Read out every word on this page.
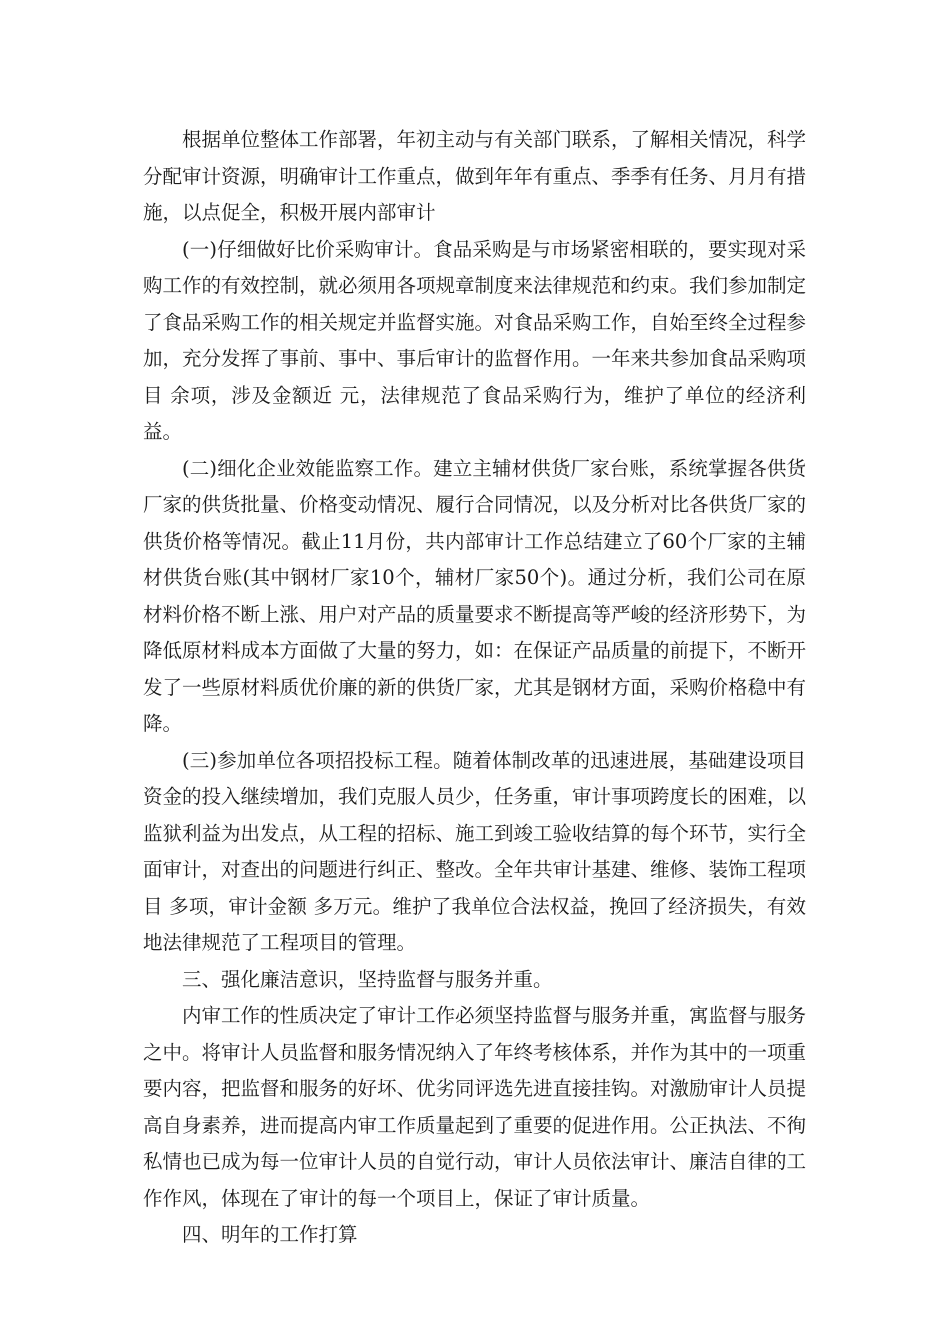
根据单位整体工作部署，年初主动与有关部门联系，了解相关情况，科学分配审计资源，明确审计工作重点，做到年年有重点、季季有任务、月月有措施，以点促全，积极开展内部审计

(一)仔细做好比价采购审计。食品采购是与市场紧密相联的，要实现对采购工作的有效控制，就必须用各项规章制度来法律规范和约束。我们参加制定了食品采购工作的相关规定并监督实施。对食品采购工作，自始至终全过程参加，充分发挥了事前、事中、事后审计的监督作用。一年来共参加食品采购项目 余项，涉及金额近 元，法律规范了食品采购行为，维护了单位的经济利益。

(二)细化企业效能监察工作。建立主辅材供货厂家台账，系统掌握各供货厂家的供货批量、价格变动情况、履行合同情况，以及分析对比各供货厂家的供货价格等情况。截止11月份，共内部审计工作总结建立了60个厂家的主辅材供货台账(其中钢材厂家10个，辅材厂家50个)。通过分析，我们公司在原材料价格不断上涨、用户对产品的质量要求不断提高等严峻的经济形势下，为降低原材料成本方面做了大量的努力，如：在保证产品质量的前提下，不断开发了一些原材料质优价廉的新的供货厂家，尤其是钢材方面，采购价格稳中有降。

(三)参加单位各项招投标工程。随着体制改革的迅速进展，基础建设项目资金的投入继续增加，我们克服人员少，任务重，审计事项跨度长的困难，以监狱利益为出发点，从工程的招标、施工到竣工验收结算的每个环节，实行全面审计，对查出的问题进行纠正、整改。全年共审计基建、维修、装饰工程项目 多项，审计金额 多万元。维护了我单位合法权益，挽回了经济损失，有效地法律规范了工程项目的管理。

三、强化廉洁意识，坚持监督与服务并重。

内审工作的性质决定了审计工作必须坚持监督与服务并重，寓监督与服务之中。将审计人员监督和服务情况纳入了年终考核体系，并作为其中的一项重要内容，把监督和服务的好坏、优劣同评选先进直接挂钩。对激励审计人员提高自身素养，进而提高内审工作质量起到了重要的促进作用。公正执法、不徇私情也已成为每一位审计人员的自觉行动，审计人员依法审计、廉洁自律的工作作风，体现在了审计的每一个项目上，保证了审计质量。

四、明年的工作打算
